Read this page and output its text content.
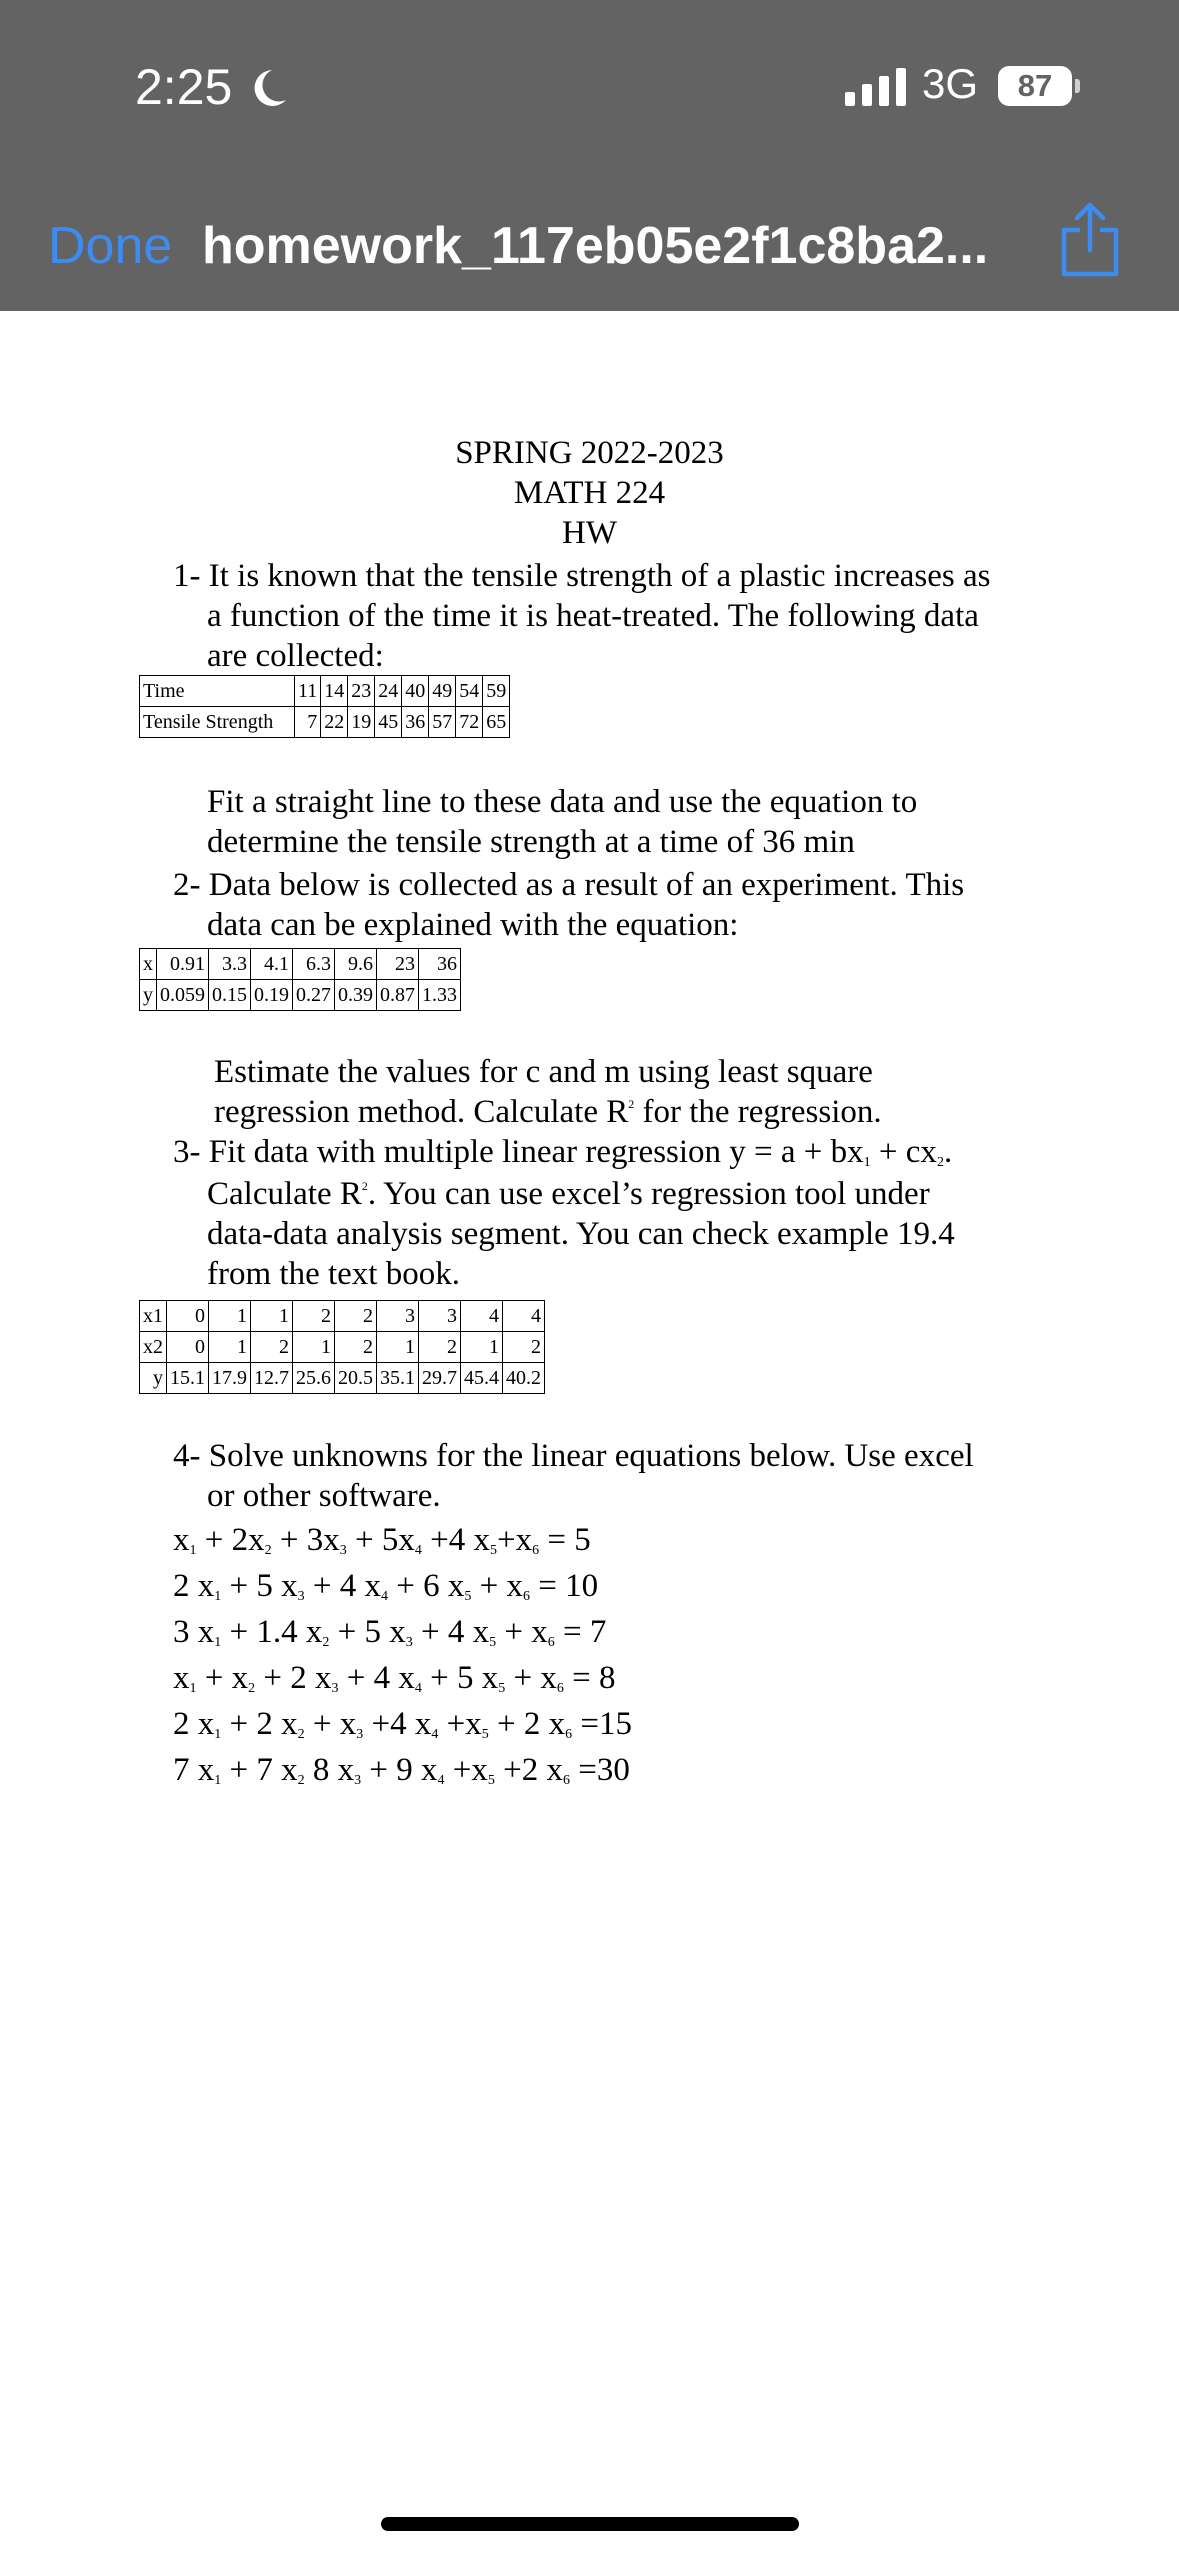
2:25	3G	87
Done homework_117eb05e2f1c8ba2...
SPRING 2022-2023
MATH 224
HW
1- It is known that the tensile strength of a plastic increases as
a function of the time it is heat-treated. The following data
are collected:
Time	11	14	23	24	40	49	54	59
Tensile Strength	7	22	19	45	36	57	72	65
Fit a straight line to these data and use the equation to
determine the tensile strength at a time of 36 min
2- Data below is collected as a result of an experiment. This
data can be explained with the equation:
x	0.91	3.3	4.1	6.3	9.6	23	36
y	0.059	0.15	0.19	0.27	0.39	0.87	1.33
Estimate the values for c and m using least square
regression method. Calculate $R^2$ for the regression.
3- Fit data with multiple linear regression $y = a + bx_1 + cx_2$.
Calculate $R^2$. You can use excel’s regression tool under
data-data analysis segment. You can check example 19.4
from the text book.
x1	0	1	1	2	2	3	3	4	4
x2	0	1	2	1	2	1	2	1	2
y	15.1	17.9	12.7	25.6	20.5	35.1	29.7	45.4	40.2
4- Solve unknowns for the linear equations below. Use excel
or other software.
$x_1 + 2x_2 + 3x_3 + 5x_4 +4$ $x_5+x_6 = 5$
2 $x_1 + 5$ $x_3 + 4$ $x_4 + 6$ $x_5 + x_6 = 10$
3 $x_1 + 1.4$ $x_2 + 5$ $x_3 + 4$ $x_5 + x_6 = 7$
$x_1 + x_2 + 2$ $x_3 + 4$ $x_4 + 5$ $x_5 + x_6 = 8$
2 $x_1 + 2$ $x_2 + x_3 +4$ $x_4 +x_5 + 2$ $x_6 =15$
7 $x_1 + 7$ $x_2$ 8 $x_3 + 9$ $x_4 +x_5 +2$ $x_6 =30$
